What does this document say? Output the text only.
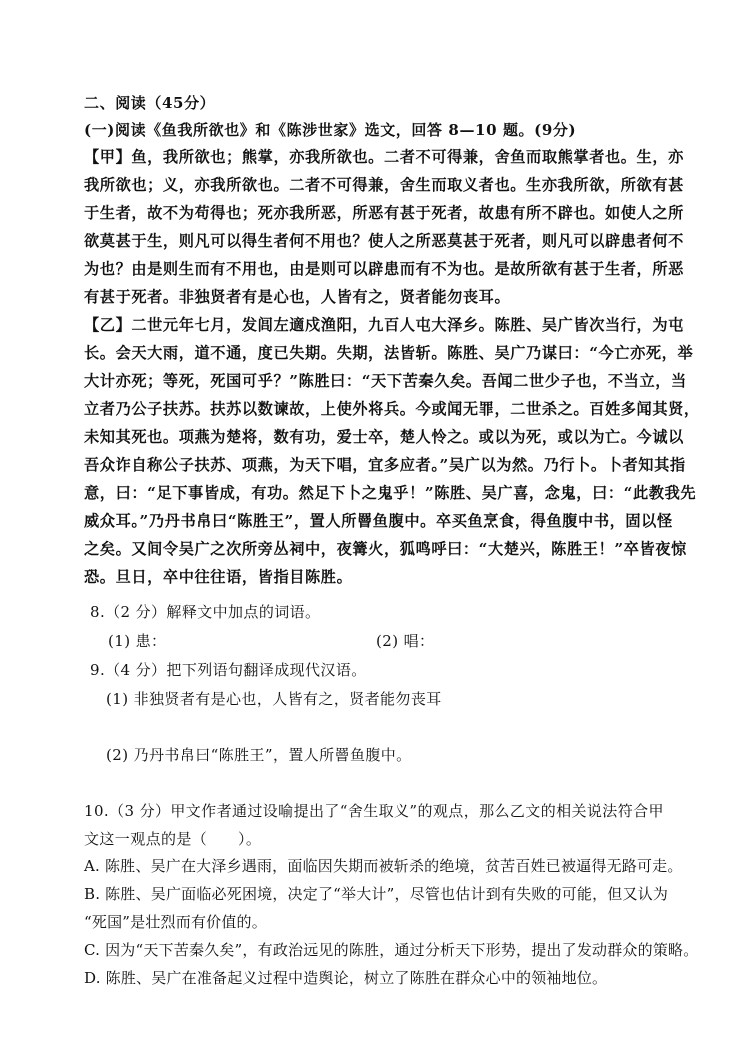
二、阅读（45分）
(一)阅读《鱼我所欲也》和《陈涉世家》选文，回答 8—10 题。(9分)
【甲】鱼，我所欲也；熊掌，亦我所欲也。二者不可得兼，舍鱼而取熊掌者也。生，亦
我所欲也；义，亦我所欲也。二者不可得兼，舍生而取义者也。生亦我所欲，所欲有甚
于生者，故不为苟得也；死亦我所恶，所恶有甚于死者，故患有所不辟也。如使人之所
欲莫甚于生，则凡可以得生者何不用也？使人之所恶莫甚于死者，则凡可以辟患者何不
为也？由是则生而有不用也，由是则可以辟患而有不为也。是故所欲有甚于生者，所恶
有甚于死者。非独贤者有是心也，人皆有之，贤者能勿丧耳。
【乙】二世元年七月，发闾左適戍渔阳，九百人屯大泽乡。陈胜、吴广皆次当行，为屯
长。会天大雨，道不通，度已失期。失期，法皆斩。陈胜、吴广乃谋曰：“今亡亦死，举
大计亦死；等死，死国可乎？”陈胜曰：“天下苦秦久矣。吾闻二世少子也，不当立，当
立者乃公子扶苏。扶苏以数谏故，上使外将兵。今或闻无罪，二世杀之。百姓多闻其贤，
未知其死也。项燕为楚将，数有功，爱士卒，楚人怜之。或以为死，或以为亡。今诚以
吾众诈自称公子扶苏、项燕，为天下唱，宜多应者。”吴广以为然。乃行卜。卜者知其指
意，曰：“足下事皆成，有功。然足下卜之鬼乎！”陈胜、吴广喜，念鬼，曰：“此教我先
威众耳。”乃丹书帛曰“陈胜王”，置人所罾鱼腹中。卒买鱼烹食，得鱼腹中书，固以怪
之矣。又间令吴广之次所旁丛祠中，夜篝火，狐鸣呼曰：“大楚兴，陈胜王！”卒皆夜惊
恐。旦日，卒中往往语，皆指目陈胜。
8.（2 分）解释文中加点的词语。
(1) 患：	(2) 唱：
9.（4 分）把下列语句翻译成现代汉语。
(1) 非独贤者有是心也，人皆有之，贤者能勿丧耳
(2) 乃丹书帛曰“陈胜王”，置人所罾鱼腹中。
10.（3 分）甲文作者通过设喻提出了“舍生取义”的观点，那么乙文的相关说法符合甲
文这一观点的是（　　）。
A. 陈胜、吴广在大泽乡遇雨，面临因失期而被斩杀的绝境，贫苦百姓已被逼得无路可走。
B. 陈胜、吴广面临必死困境，决定了“举大计”，尽管也估计到有失败的可能，但又认为
“死国”是壮烈而有价值的。
C. 因为“天下苦秦久矣”，有政治远见的陈胜，通过分析天下形势，提出了发动群众的策略。
D. 陈胜、吴广在准备起义过程中造舆论，树立了陈胜在群众心中的领袖地位。
